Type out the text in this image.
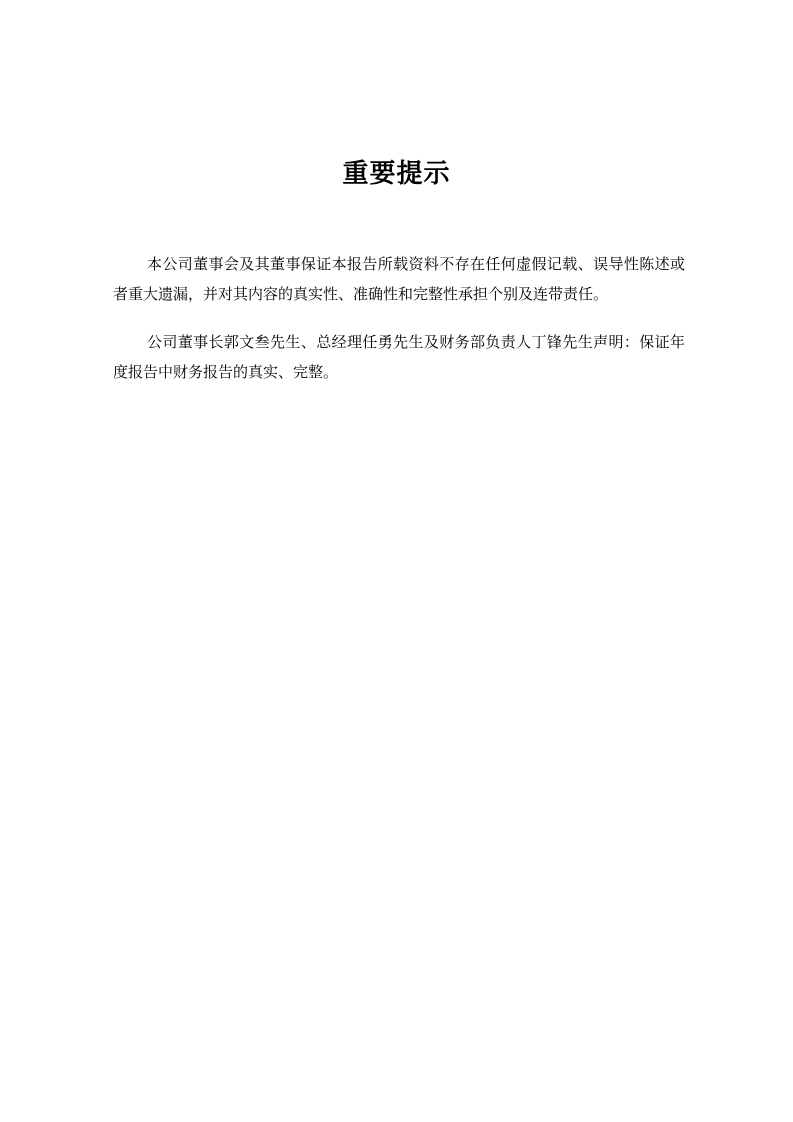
重要提示

本公司董事会及其董事保证本报告所载资料不存在任何虚假记载、误导性陈述或者重大遗漏，并对其内容的真实性、准确性和完整性承担个别及连带责任。

公司董事长郭文叁先生、总经理任勇先生及财务部负责人丁锋先生声明：保证年度报告中财务报告的真实、完整。
